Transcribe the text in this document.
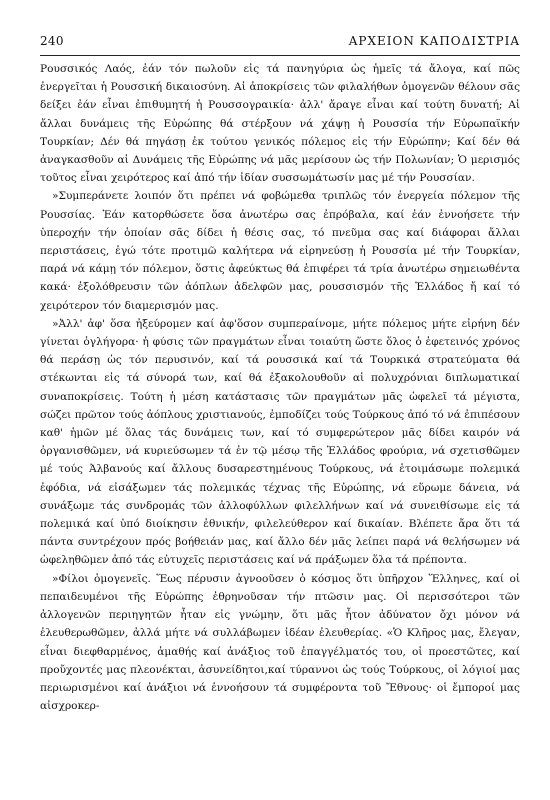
240	ΑΡΧΕΙΟΝ ΚΑΠΟΔΙΣΤΡΙΑ

Ρουσσικός Λαός, ἐάν τόν πωλοῦν εἰς τά πανηγύρια ὡς ἡμεῖς τά ἄλογα, καί πῶς ἐνεργεῖται ἡ Ρουσσική δικαιοσύνη. Αἱ ἀποκρίσεις τῶν φιλαλήθων ὁμογενῶν θέλουν σᾶς δείξει ἐάν εἶναι ἐπιθυμητή ἡ Ρουσσογραικία· ἀλλ' ἄραγε εἶναι καί τούτη δυνατή; Αἱ ἄλλαι δυνάμεις τῆς Εὐρώπης θά στέρξουν νά χάψῃ ἡ Ρουσσία τήν Εὐρωπαϊκήν Τουρκίαν; Δέν θά πηγάσῃ ἐκ τούτου γενικός πόλεμος εἰς τήν Εὐρώπην; Καί δέν θά ἀναγκασθοῦν αἱ Δυνάμεις τῆς Εὐρώπης νά μᾶς μερίσουν ὡς τήν Πολωνίαν; Ὁ μερισμός τοῦτος εἶναι χειρότερος καί ἀπό τήν ἰδίαν συσσωμάτωσίν μας μέ τήν Ρουσσίαν.

»Συμπεράνετε λοιπόν ὅτι πρέπει νά φοβώμεθα τριπλῶς τόν ἐνεργεία πόλεμον τῆς Ρουσσίας. Ἐάν κατορθώσετε ὅσα ἀνωτέρω σας ἐπρόβαλα, καί ἐάν ἐννοήσετε τήν ὑπεροχήν τήν ὁποίαν σᾶς δίδει ἡ θέσις σας, τό πνεῦμα σας καί διάφοραι ἄλλαι περιστάσεις, ἐγώ τότε προτιμῶ καλήτερα νά εἰρηνεύσῃ ἡ Ρουσσία μέ τήν Τουρκίαν, παρά νά κάμῃ τόν πόλεμον, ὅστις ἀφεύκτως θά ἐπιφέρει τά τρία ἀνωτέρω σημειωθέντα κακά· ἐξολόθρευσιν τῶν ἀόπλων ἀδελφῶν μας, ρουσσισμόν τῆς Ἑλλάδος ἤ καί τό χειρότερον τόν διαμερισμόν μας.

»Ἀλλ' ἀφ' ὅσα ἠξεύρομεν καί ἀφ'ὅσον συμπεραίνομε, μήτε πόλεμος μήτε εἰρήνη δέν γίνεται ὀγλήγορα· ἡ φύσις τῶν πραγμάτων εἶναι τοιαύτη ὥστε ὅλος ὁ ἐφετεινός χρόνος θά περάσῃ ὡς τόν περυσινόν, καί τά ρουσσικά καί τά Τουρκικά στρατεύματα θά στέκωνται εἰς τά σύνορά των, καί θά ἐξακολουθοῦν αἱ πολυχρόνιαι διπλωματικαί συναποκρίσεις. Τούτη ἡ μέση κατάστασις τῶν πραγμάτων μᾶς ὠφελεῖ τά μέγιστα, σώζει πρῶτον τούς ἀόπλους χριστιανούς, ἐμποδίζει τούς Τούρκους ἀπό τό νά ἐπιπέσουν καθ' ἡμῶν μέ ὅλας τάς δυνάμεις των, καί τό συμφερώτερον μᾶς δίδει καιρόν νά ὀργανισθῶμεν, νά κυριεύσωμεν τά ἐν τῷ μέσῳ τῆς Ἑλλάδος φρούρια, νά σχετισθῶμεν μέ τούς Ἀλβανούς καί ἄλλους δυσαρεστημένους Τούρκους, νά ἑτοιμάσωμε πολεμικά ἐφόδια, νά εἰσάξωμεν τάς πολεμικάς τέχνας τῆς Εὐρώπης, νά εὕρωμε δάνεια, νά συνάξωμε τάς συνδρομάς τῶν ἀλλοφύλλων φιλελλήνων καί νά συνειθίσωμε εἰς τά πολεμικά καί ὑπό διοίκησιν ἐθνικήν, φιλελεύθερον καί δικαίαν. Βλέπετε ἄρα ὅτι τά πάντα συντρέχουν πρός βοήθειάν μας, καί ἄλλο δέν μᾶς λείπει παρά νά θελήσωμεν νά ὠφεληθῶμεν ἀπό τάς εὐτυχεῖς περιστάσεις καί νά πράξωμεν ὅλα τά πρέποντα.

»Φίλοι ὁμογενεῖς. Ἕως πέρυσιν ἀγνοοῦσεν ὁ κόσμος ὅτι ὑπῆρχον Ἕλληνες, καί οἱ πεπαιδευμένοι τῆς Εὐρώπης ἐθρηνοῦσαν τήν πτῶσιν μας. Οἱ περισσότεροι τῶν ἀλλογενῶν περιηγητῶν ἦταν εἰς γνώμην, ὅτι μᾶς ἦτον ἀδύνατον ὄχι μόνον νά ἐλευθερωθῶμεν, ἀλλά μήτε νά συλλάβωμεν ἰδέαν ἐλευθερίας. «Ὁ Κλῆρος μας, ἔλεγαν, εἶναι διεφθαρμένος, ἀμαθής καί ἀνάξιος τοῦ ἐπαγγέλματός του, οἱ προεστῶτες, καί προὔχοντές μας πλεονέκται, ἀσυνείδητοι,καί τύραννοι ὡς τούς Τούρκους, οἱ λόγιοί μας περιωρισμένοι καί ἀνάξιοι νά ἐννοήσουν τά συμφέροντα τοῦ Ἔθνους· οἱ ἔμποροί μας αἰσχροκερ-
